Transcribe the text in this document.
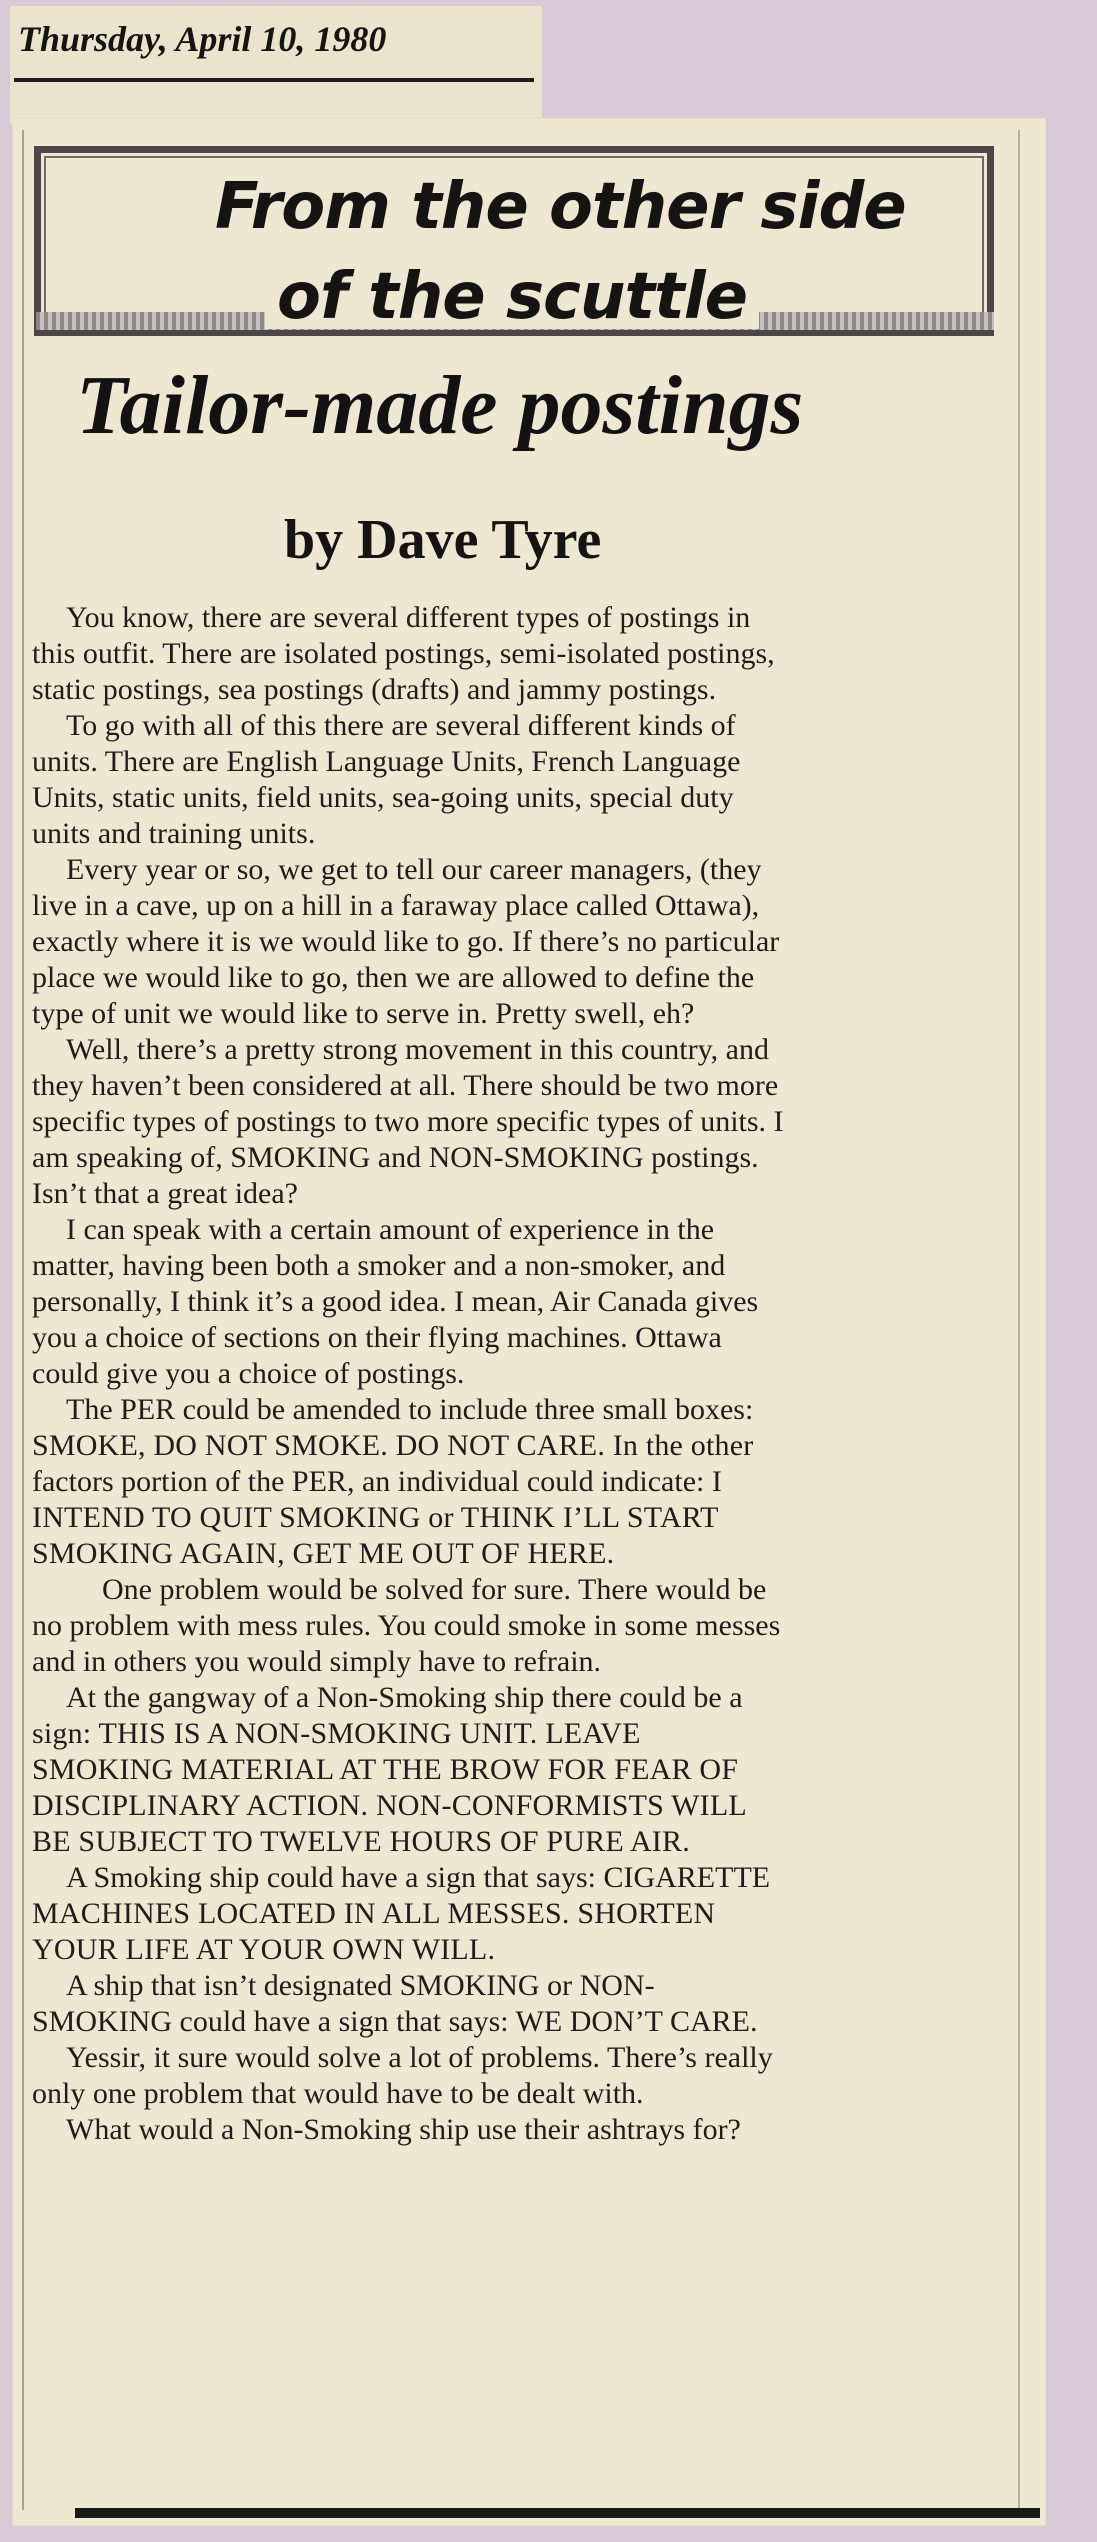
Thursday, April 10, 1980
From the other side
of the scuttle
Tailor-made postings
by Dave Tyre
You know, there are several different types of postings in
this outfit. There are isolated postings, semi-isolated postings,
static postings, sea postings (drafts) and jammy postings.
To go with all of this there are several different kinds of
units. There are English Language Units, French Language
Units, static units, field units, sea-going units, special duty
units and training units.
Every year or so, we get to tell our career managers, (they
live in a cave, up on a hill in a faraway place called Ottawa),
exactly where it is we would like to go. If there’s no particular
place we would like to go, then we are allowed to define the
type of unit we would like to serve in. Pretty swell, eh?
Well, there’s a pretty strong movement in this country, and
they haven’t been considered at all. There should be two more
specific types of postings to two more specific types of units. I
am speaking of, SMOKING and NON-SMOKING postings.
Isn’t that a great idea?
I can speak with a certain amount of experience in the
matter, having been both a smoker and a non-smoker, and
personally, I think it’s a good idea. I mean, Air Canada gives
you a choice of sections on their flying machines. Ottawa
could give you a choice of postings.
The PER could be amended to include three small boxes:
SMOKE, DO NOT SMOKE. DO NOT CARE. In the other
factors portion of the PER, an individual could indicate: I
INTEND TO QUIT SMOKING or THINK I’LL START
SMOKING AGAIN, GET ME OUT OF HERE.
One problem would be solved for sure. There would be
no problem with mess rules. You could smoke in some messes
and in others you would simply have to refrain.
At the gangway of a Non-Smoking ship there could be a
sign: THIS IS A NON-SMOKING UNIT. LEAVE
SMOKING MATERIAL AT THE BROW FOR FEAR OF
DISCIPLINARY ACTION. NON-CONFORMISTS WILL
BE SUBJECT TO TWELVE HOURS OF PURE AIR.
A Smoking ship could have a sign that says: CIGARETTE
MACHINES LOCATED IN ALL MESSES. SHORTEN
YOUR LIFE AT YOUR OWN WILL.
A ship that isn’t designated SMOKING or NON-
SMOKING could have a sign that says: WE DON’T CARE.
Yessir, it sure would solve a lot of problems. There’s really
only one problem that would have to be dealt with.
What would a Non-Smoking ship use their ashtrays for?
